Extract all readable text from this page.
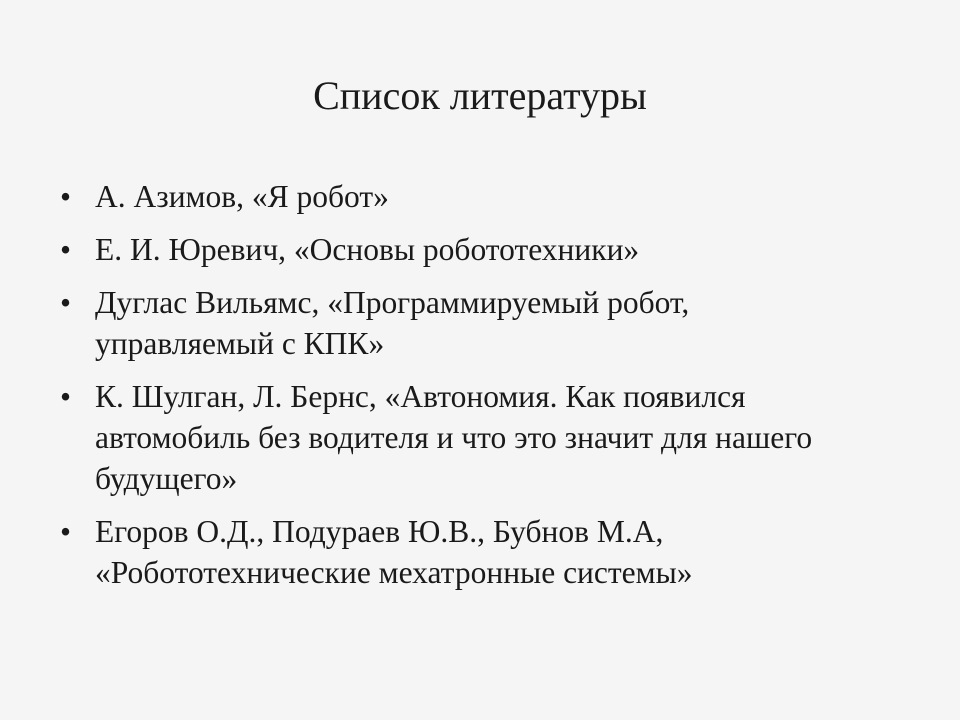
Список литературы
• А. Азимов, «Я робот»
• Е. И. Юревич, «Основы робототехники»
• Дуглас Вильямс, «Программируемый робот, управляемый с КПК»
• К. Шулган, Л. Бернс, «Автономия. Как появился автомобиль без водителя и что это значит для нашего будущего»
• Егоров О.Д., Подураев Ю.В., Бубнов М.А, «Робототехнические мехатронные системы»
